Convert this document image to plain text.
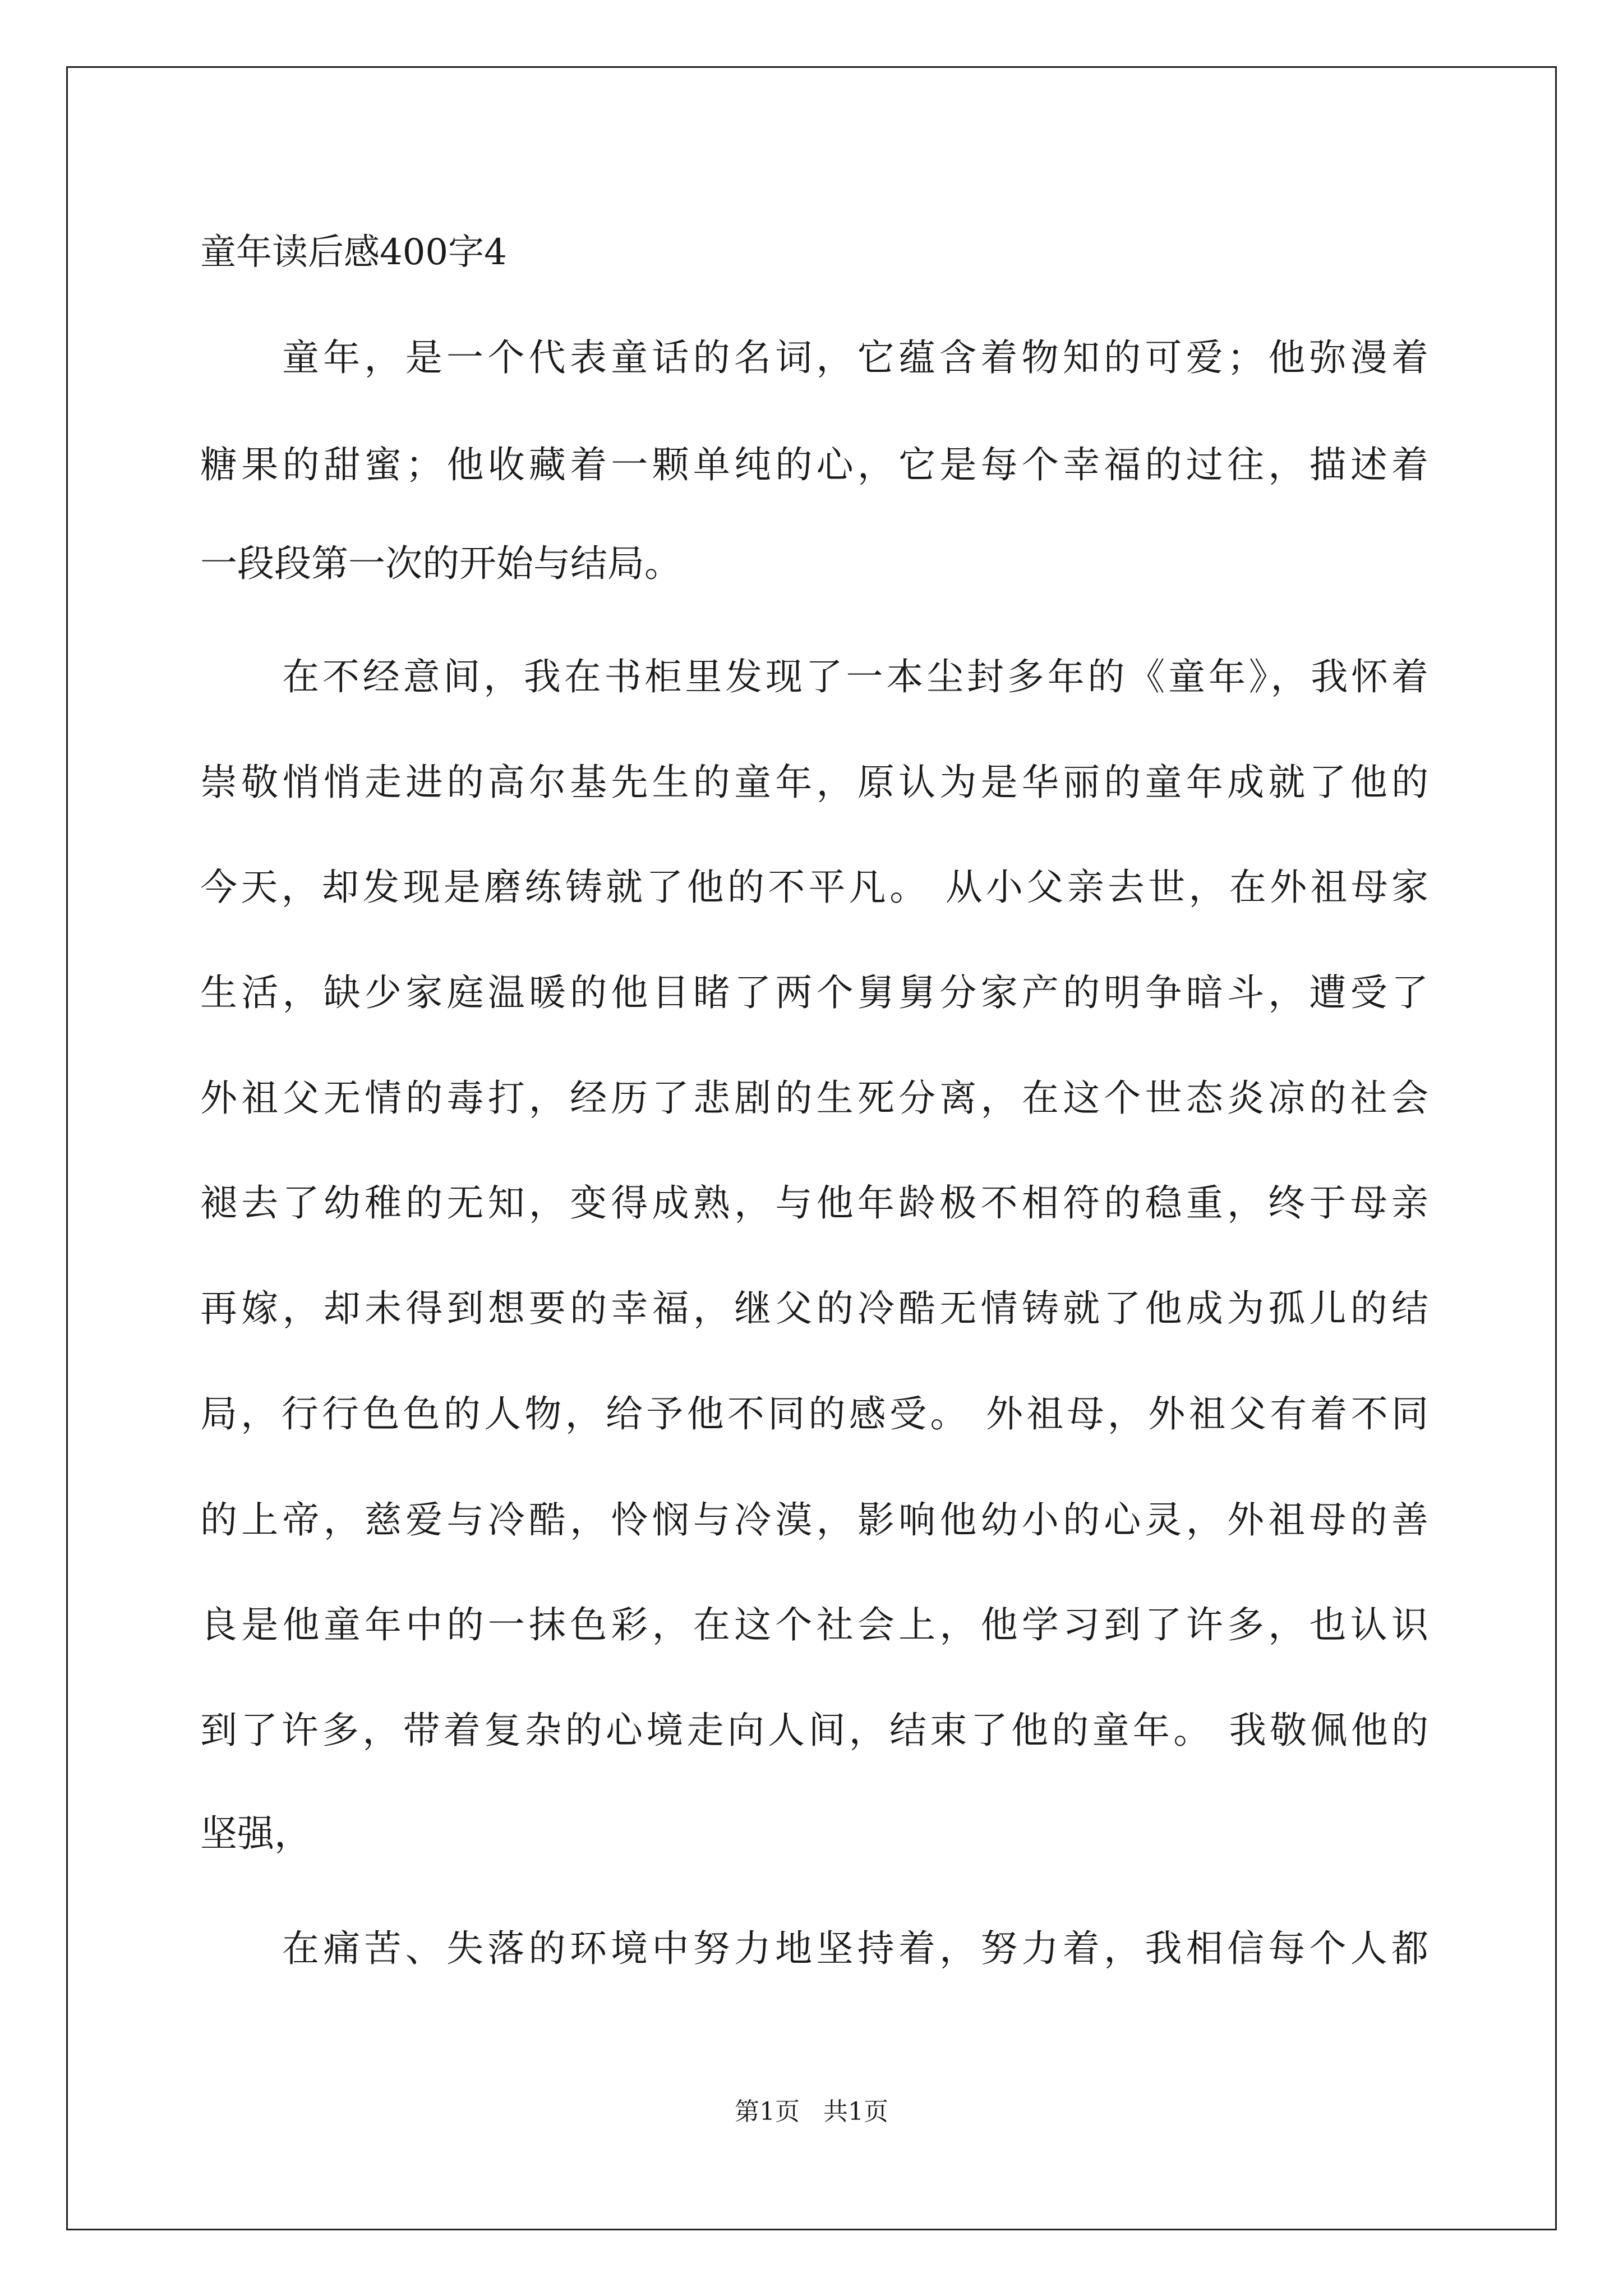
童年读后感400字4
童年，是一个代表童话的名词，它蕴含着物知的可爱；他弥漫着
糖果的甜蜜；他收藏着一颗单纯的心，它是每个幸福的过往，描述着
一段段第一次的开始与结局。
在不经意间，我在书柜里发现了一本尘封多年的《童年》，我怀着
崇敬悄悄走进的高尔基先生的童年，原认为是华丽的童年成就了他的
今天，却发现是磨练铸就了他的不平凡。 从小父亲去世，在外祖母家
生活，缺少家庭温暖的他目睹了两个舅舅分家产的明争暗斗，遭受了
外祖父无情的毒打，经历了悲剧的生死分离，在这个世态炎凉的社会
褪去了幼稚的无知，变得成熟，与他年龄极不相符的稳重，终于母亲
再嫁，却未得到想要的幸福，继父的冷酷无情铸就了他成为孤儿的结
局，行行色色的人物，给予他不同的感受。 外祖母，外祖父有着不同
的上帝，慈爱与冷酷，怜悯与冷漠，影响他幼小的心灵，外祖母的善
良是他童年中的一抹色彩，在这个社会上，他学习到了许多，也认识
到了许多，带着复杂的心境走向人间，结束了他的童年。 我敬佩他的
坚强，
在痛苦、失落的环境中努力地坚持着，努力着，我相信每个人都
第1页   共1页
